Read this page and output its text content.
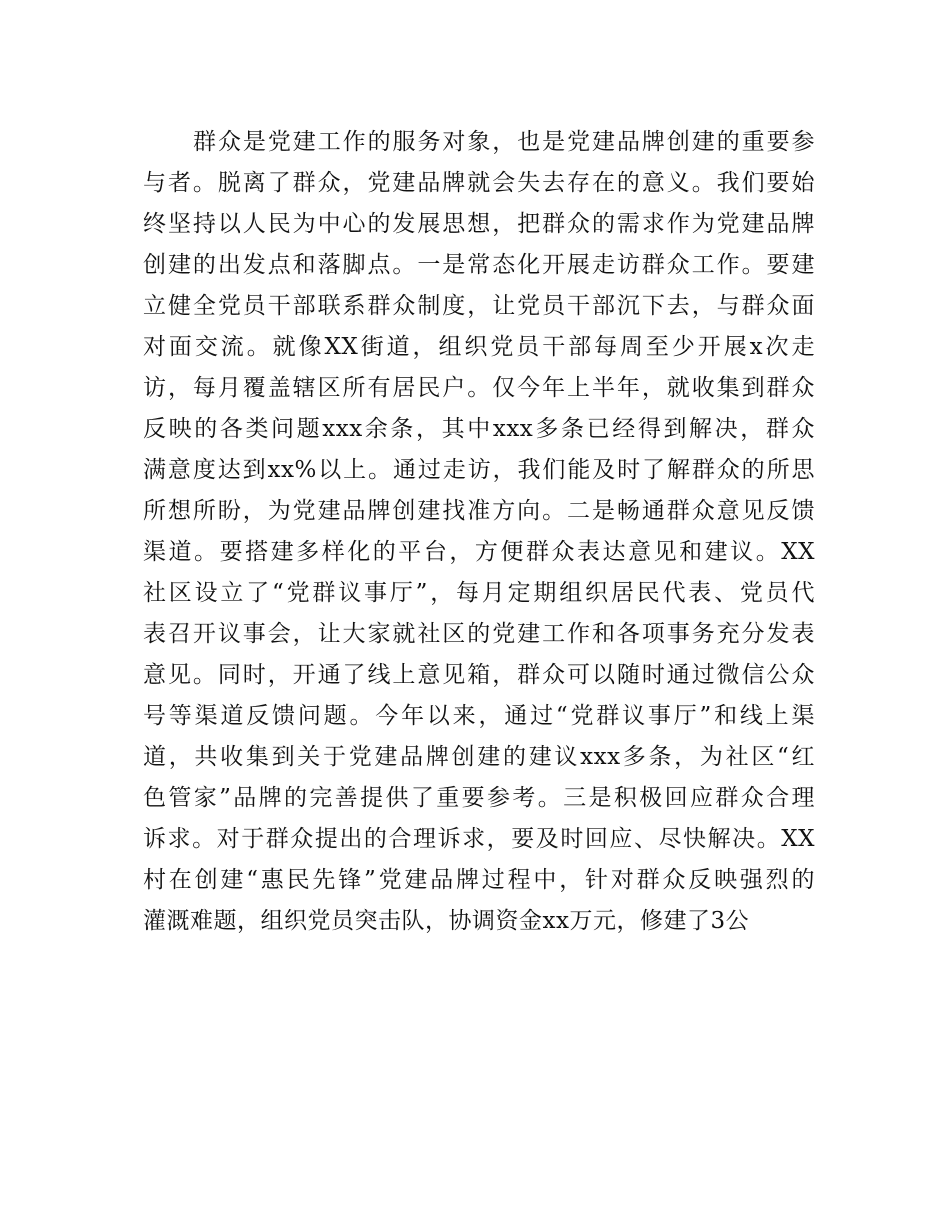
群众是党建工作的服务对象，也是党建品牌创建的重要参
与者。脱离了群众，党建品牌就会失去存在的意义。我们要始
终坚持以人民为中心的发展思想，把群众的需求作为党建品牌
创建的出发点和落脚点。一是常态化开展走访群众工作。要建
立健全党员干部联系群众制度，让党员干部沉下去，与群众面
对面交流。就像XX街道，组织党员干部每周至少开展x次走
访，每月覆盖辖区所有居民户。仅今年上半年，就收集到群众
反映的各类问题xxx余条，其中xxx多条已经得到解决，群众
满意度达到xx%以上。通过走访，我们能及时了解群众的所思
所想所盼，为党建品牌创建找准方向。二是畅通群众意见反馈
渠道。要搭建多样化的平台，方便群众表达意见和建议。XX
社区设立了“党群议事厅”，每月定期组织居民代表、党员代
表召开议事会，让大家就社区的党建工作和各项事务充分发表
意见。同时，开通了线上意见箱，群众可以随时通过微信公众
号等渠道反馈问题。今年以来，通过“党群议事厅”和线上渠
道，共收集到关于党建品牌创建的建议xxx多条，为社区“红
色管家”品牌的完善提供了重要参考。三是积极回应群众合理
诉求。对于群众提出的合理诉求，要及时回应、尽快解决。XX
村在创建“惠民先锋”党建品牌过程中，针对群众反映强烈的
灌溉难题，组织党员突击队，协调资金xx万元，修建了3公
